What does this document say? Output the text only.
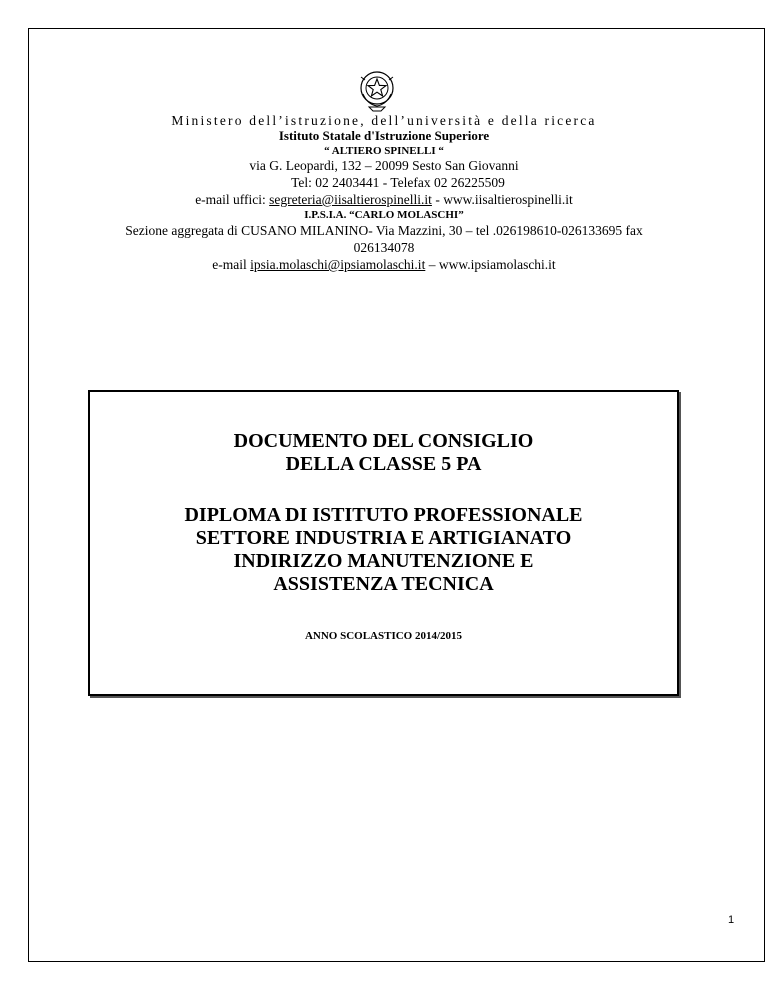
Ministero dell’istruzione, dell’università e della ricerca
Istituto Statale d'Istruzione Superiore
“ ALTIERO SPINELLI “
via G. Leopardi, 132 – 20099 Sesto San Giovanni
Tel: 02 2403441 - Telefax 02 26225509
e-mail uffici: segreteria@iisaltierospinelli.it - www.iisaltierospinelli.it
I.P.S.I.A. “CARLO MOLASCHI”
Sezione aggregata di CUSANO MILANINO- Via Mazzini, 30 – tel .026198610-026133695 fax
026134078
e-mail ipsia.molaschi@ipsiamolaschi.it – www.ipsiamolaschi.it
DOCUMENTO DEL CONSIGLIO
DELLA CLASSE 5 PA
DIPLOMA DI ISTITUTO PROFESSIONALE
SETTORE INDUSTRIA E ARTIGIANATO
INDIRIZZO MANUTENZIONE E
ASSISTENZA TECNICA
ANNO SCOLASTICO 2014/2015
1
